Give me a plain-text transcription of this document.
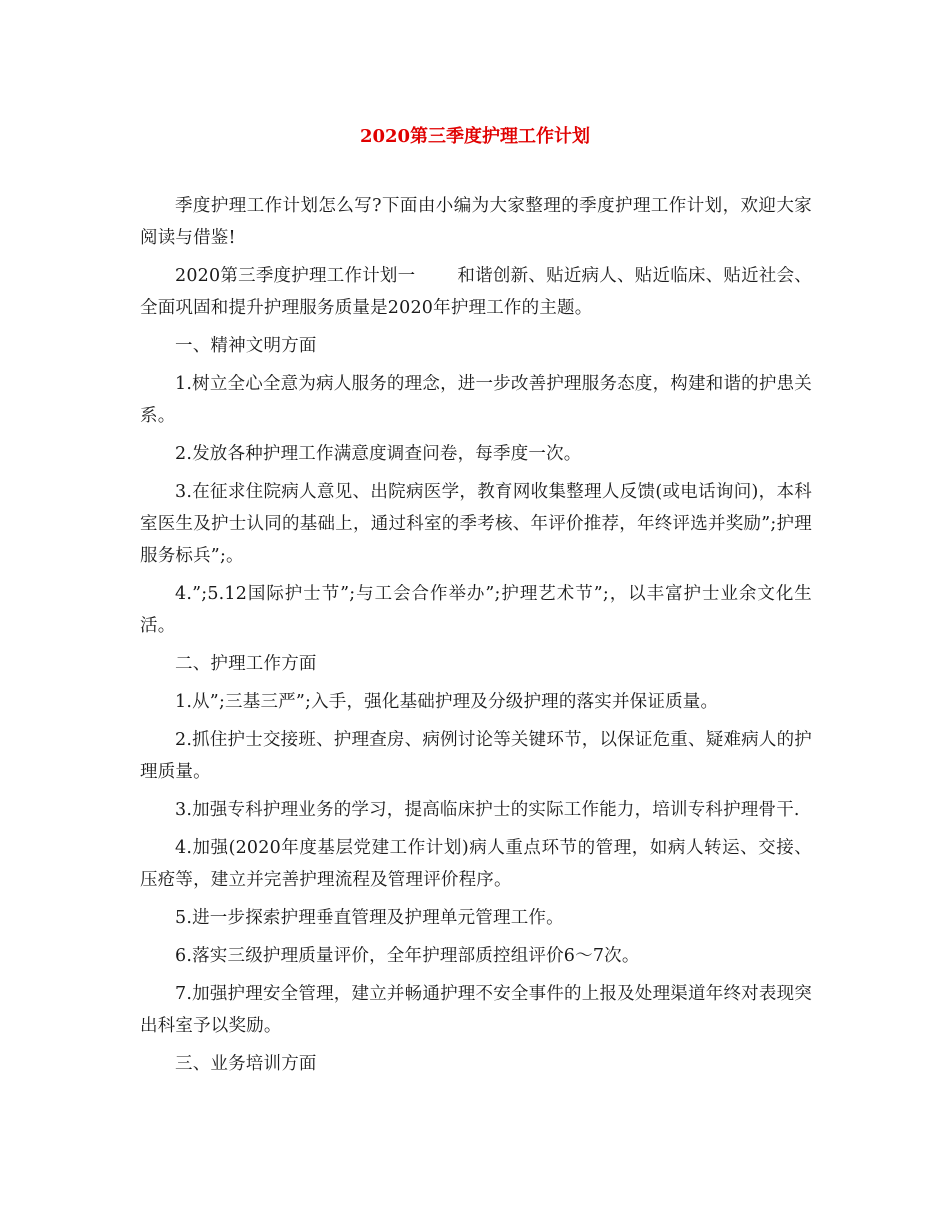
2020第三季度护理工作计划

季度护理工作计划怎么写?下面由小编为大家整理的季度护理工作计划，欢迎大家阅读与借鉴!

2020第三季度护理工作计划一 和谐创新、贴近病人、贴近临床、贴近社会、全面巩固和提升护理服务质量是2020年护理工作的主题。

一、精神文明方面

1.树立全心全意为病人服务的理念，进一步改善护理服务态度，构建和谐的护患关系。

2.发放各种护理工作满意度调查问卷，每季度一次。

3.在征求住院病人意见、出院病医学，教育网收集整理人反馈(或电话询问)，本科室医生及护士认同的基础上，通过科室的季考核、年评价推荐，年终评选并奖励”;护理服务标兵”;。

4.”;5.12国际护士节”;与工会合作举办”;护理艺术节”;，以丰富护士业余文化生活。

二、护理工作方面

1.从”;三基三严”;入手，强化基础护理及分级护理的落实并保证质量。

2.抓住护士交接班、护理查房、病例讨论等关键环节，以保证危重、疑难病人的护理质量。

3.加强专科护理业务的学习，提高临床护士的实际工作能力，培训专科护理骨干.

4.加强(2020年度基层党建工作计划)病人重点环节的管理，如病人转运、交接、压疮等，建立并完善护理流程及管理评价程序。

5.进一步探索护理垂直管理及护理单元管理工作。

6.落实三级护理质量评价，全年护理部质控组评价6～7次。

7.加强护理安全管理，建立并畅通护理不安全事件的上报及处理渠道年终对表现突出科室予以奖励。

三、业务培训方面
